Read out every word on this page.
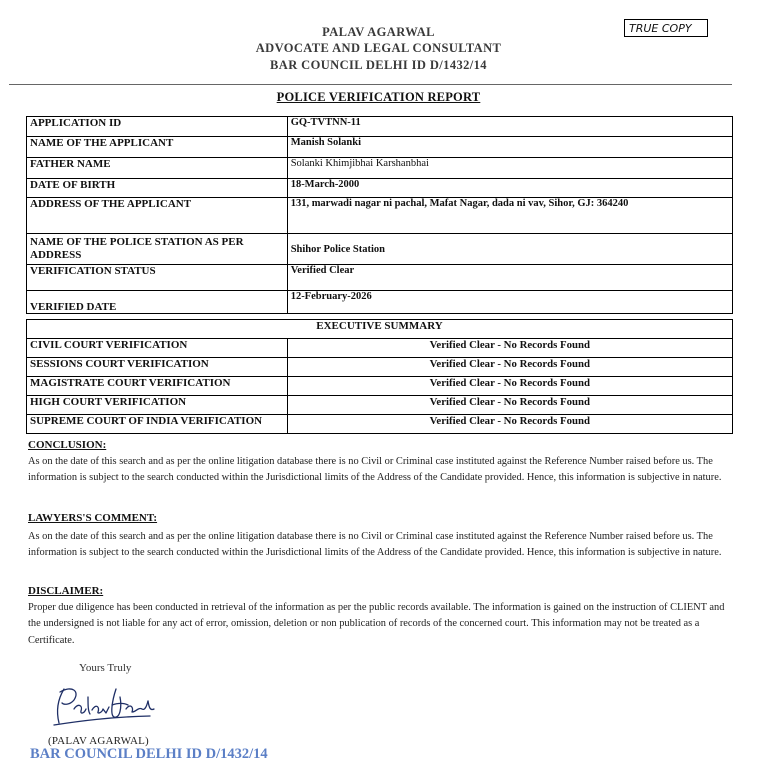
PALAV AGARWAL
ADVOCATE AND LEGAL CONSULTANT
BAR COUNCIL DELHI ID D/1432/14
TRUE COPY
POLICE VERIFICATION REPORT
APPLICATION ID	GQ-TVTNN-11
NAME OF THE APPLICANT	Manish Solanki
FATHER NAME	Solanki Khimjibhai Karshanbhai
DATE OF BIRTH	18-March-2000
ADDRESS OF THE APPLICANT	131, marwadi nagar ni pachal, Mafat Nagar, dada ni vav, Sihor, GJ: 364240
NAME OF THE POLICE STATION AS PER ADDRESS	Shihor Police Station
VERIFICATION STATUS	Verified Clear
VERIFIED DATE	12-February-2026
EXECUTIVE SUMMARY	
CIVIL COURT VERIFICATION	Verified Clear - No Records Found
SESSIONS COURT VERIFICATION	Verified Clear - No Records Found
MAGISTRATE COURT VERIFICATION	Verified Clear - No Records Found
HIGH COURT VERIFICATION	Verified Clear - No Records Found
SUPREME COURT OF INDIA VERIFICATION	Verified Clear - No Records Found
CONCLUSION:
As on the date of this search and as per the online litigation database there is no Civil or Criminal case instituted against the Reference Number raised before us. The information is subject to the search conducted within the Jurisdictional limits of the Address of the Candidate provided. Hence, this information is subjective in nature.
LAWYERS'S COMMENT:
As on the date of this search and as per the online litigation database there is no Civil or Criminal case instituted against the Reference Number raised before us. The information is subject to the search conducted within the Jurisdictional limits of the Address of the Candidate provided. Hence, this information is subjective in nature.
DISCLAIMER:
Proper due diligence has been conducted in retrieval of the information as per the public records available. The information is gained on the instruction of CLIENT and the undersigned is not liable for any act of error, omission, deletion or non publication of records of the concerned court. This information may not be treated as a Certificate.
Yours Truly
(PALAV AGARWAL)
BAR COUNCIL DELHI ID D/1432/14
